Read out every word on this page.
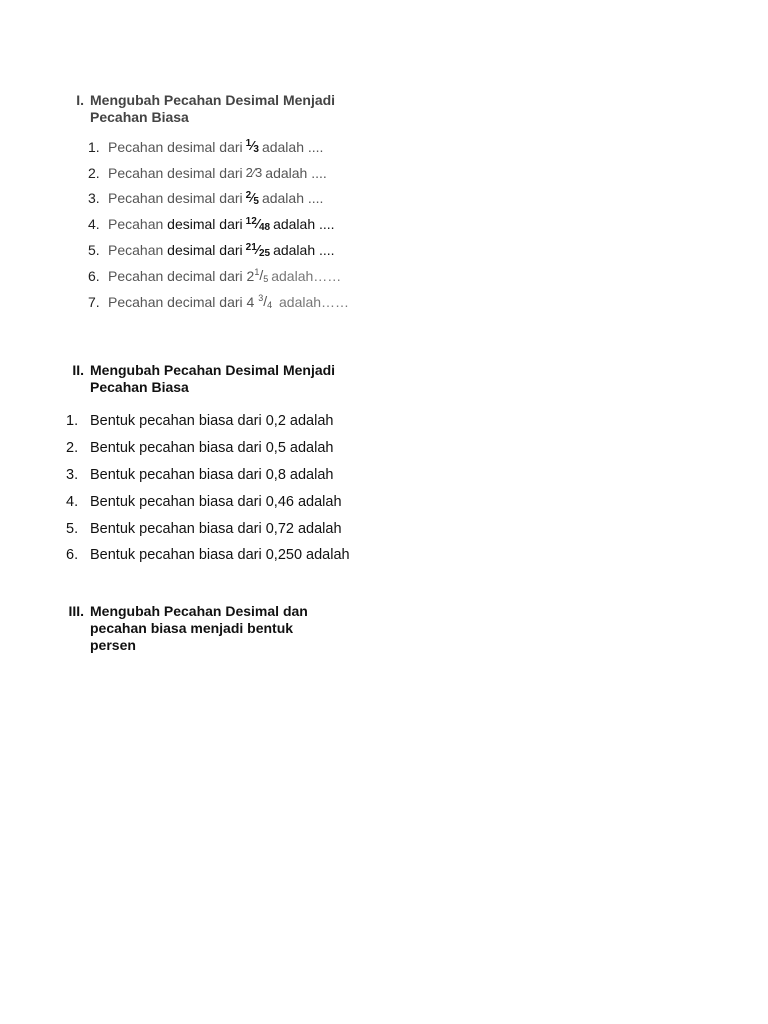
I. Mengubah Pecahan Desimal Menjadi Pecahan Biasa
1. Pecahan desimal dari $^1⁄_3$ adalah ....
2. Pecahan desimal dari 2⁄3 adalah ....
3. Pecahan desimal dari $^2⁄_5$ adalah ....
4. Pecahan
desimal dari $^{12}⁄_{48}$ adalah ....
5. Pecahan
desimal dari $^{21}⁄_{25}$ adalah ....
6. Pecahan decimal dari 2 $^1/_5$ adalah……
7. Pecahan decimal dari 4
$^3/_4$
adalah……
II. Mengubah Pecahan Desimal Menjadi Pecahan Biasa
1. Bentuk pecahan biasa dari 0,2 adalah
2. Bentuk pecahan biasa dari 0,5 adalah
3. Bentuk pecahan biasa dari 0,8 adalah
4. Bentuk pecahan biasa dari 0,46 adalah
5. Bentuk pecahan biasa dari 0,72 adalah
6. Bentuk pecahan biasa dari 0,250 adalah
III. Mengubah Pecahan Desimal dan pecahan biasa menjadi bentuk persen
